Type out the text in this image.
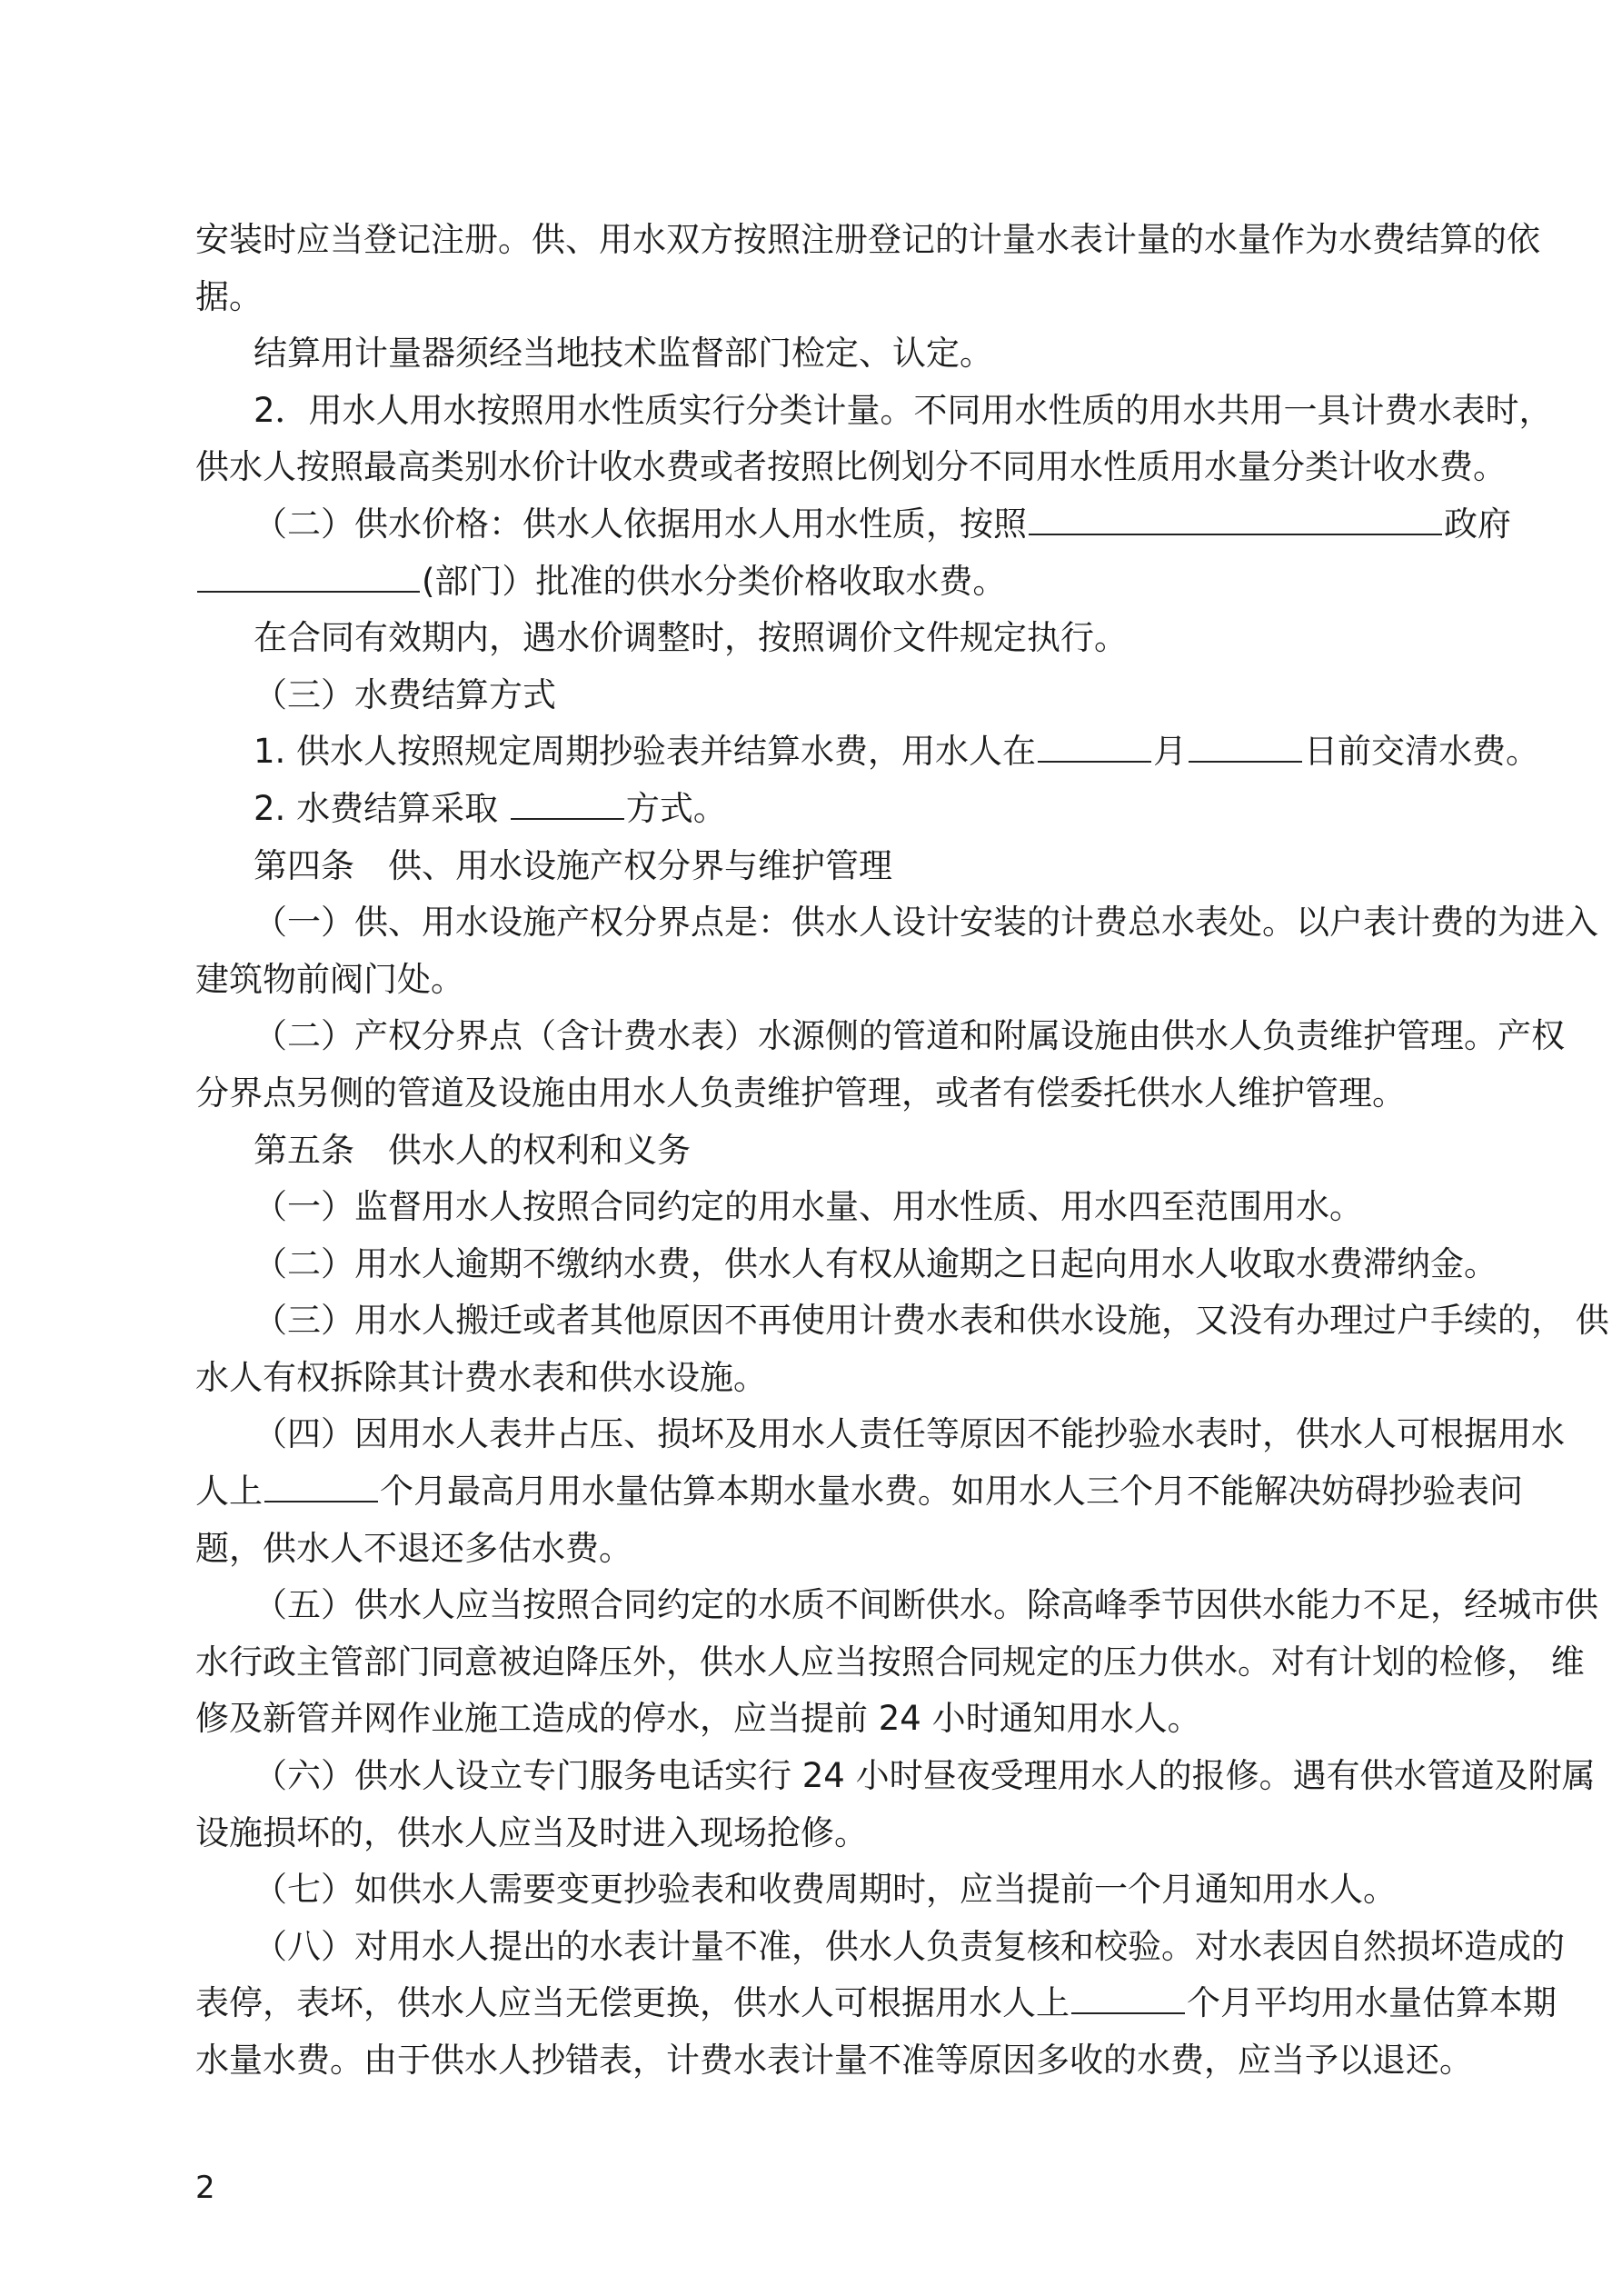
安装时应当登记注册。供、用水双方按照注册登记的计量水表计量的水量作为水费结算的依
据。
结算用计量器须经当地技术监督部门检定、认定。
2．用水人用水按照用水性质实行分类计量。不同用水性质的用水共用一具计费水表时，
供水人按照最高类别水价计收水费或者按照比例划分不同用水性质用水量分类计收水费。
（二）供水价格：供水人依据用水人用水性质，按照	政府
(部门）批准的供水分类价格收取水费。
在合同有效期内，遇水价调整时，按照调价文件规定执行。
（三）水费结算方式
1. 供水人按照规定周期抄验表并结算水费，用水人在	月	日前交清水费。
2. 水费结算采取	方式。
第四条　供、用水设施产权分界与维护管理
（一）供、用水设施产权分界点是：供水人设计安装的计费总水表处。以户表计费的为进入
建筑物前阀门处。
（二）产权分界点（含计费水表）水源侧的管道和附属设施由供水人负责维护管理。产权
分界点另侧的管道及设施由用水人负责维护管理，或者有偿委托供水人维护管理。
第五条　供水人的权利和义务
（一）监督用水人按照合同约定的用水量、用水性质、用水四至范围用水。
（二）用水人逾期不缴纳水费，供水人有权从逾期之日起向用水人收取水费滞纳金。
（三）用水人搬迁或者其他原因不再使用计费水表和供水设施，又没有办理过户手续的， 供
水人有权拆除其计费水表和供水设施。
（四）因用水人表井占压、损坏及用水人责任等原因不能抄验水表时，供水人可根据用水
人上	个月最高月用水量估算本期水量水费。如用水人三个月不能解决妨碍抄验表问
题，供水人不退还多估水费。
（五）供水人应当按照合同约定的水质不间断供水。除高峰季节因供水能力不足，经城市供
水行政主管部门同意被迫降压外，供水人应当按照合同规定的压力供水。对有计划的检修， 维
修及新管并网作业施工造成的停水，应当提前 24 小时通知用水人。
（六）供水人设立专门服务电话实行 24 小时昼夜受理用水人的报修。遇有供水管道及附属
设施损坏的，供水人应当及时进入现场抢修。
（七）如供水人需要变更抄验表和收费周期时，应当提前一个月通知用水人。
（八）对用水人提出的水表计量不准，供水人负责复核和校验。对水表因自然损坏造成的
表停，表坏，供水人应当无偿更换，供水人可根据用水人上	个月平均用水量估算本期
水量水费。由于供水人抄错表，计费水表计量不准等原因多收的水费，应当予以退还。
2
